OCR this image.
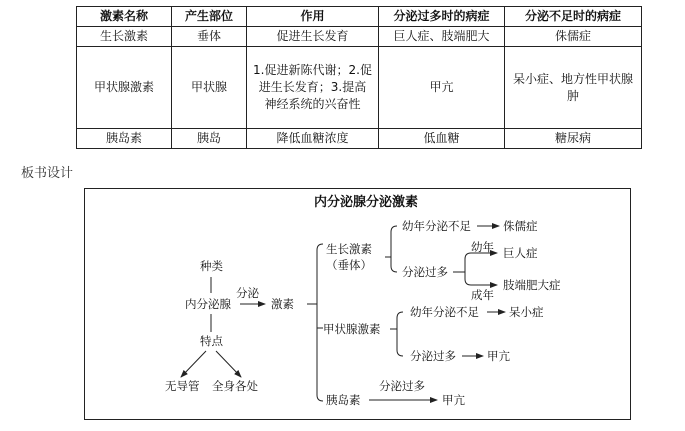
激素名称	产生部位	作用	分泌过多时的病症	分泌不足时的病症
生长激素	垂体	促进生长发育	巨人症、肢端肥大	侏儒症
甲状腺激素	甲状腺	1.促进新陈代谢；2.促进生长发育；3.提高神经系统的兴奋性	甲亢	呆小症、地方性甲状腺肿
胰岛素	胰岛	降低血糖浓度	低血糖	糖尿病
板书设计
内分泌腺分泌激素
种类
内分泌腺
特点
无导管 全身各处
分泌
激素
生长激素
（垂体）
幼年分泌不足	侏儒症
分泌过多
幼年 巨人症
肢端肥大症
成年
甲状腺激素
幼年分泌不足	呆小症
分泌过多	甲亢
胰岛素
分泌过多
甲亢
